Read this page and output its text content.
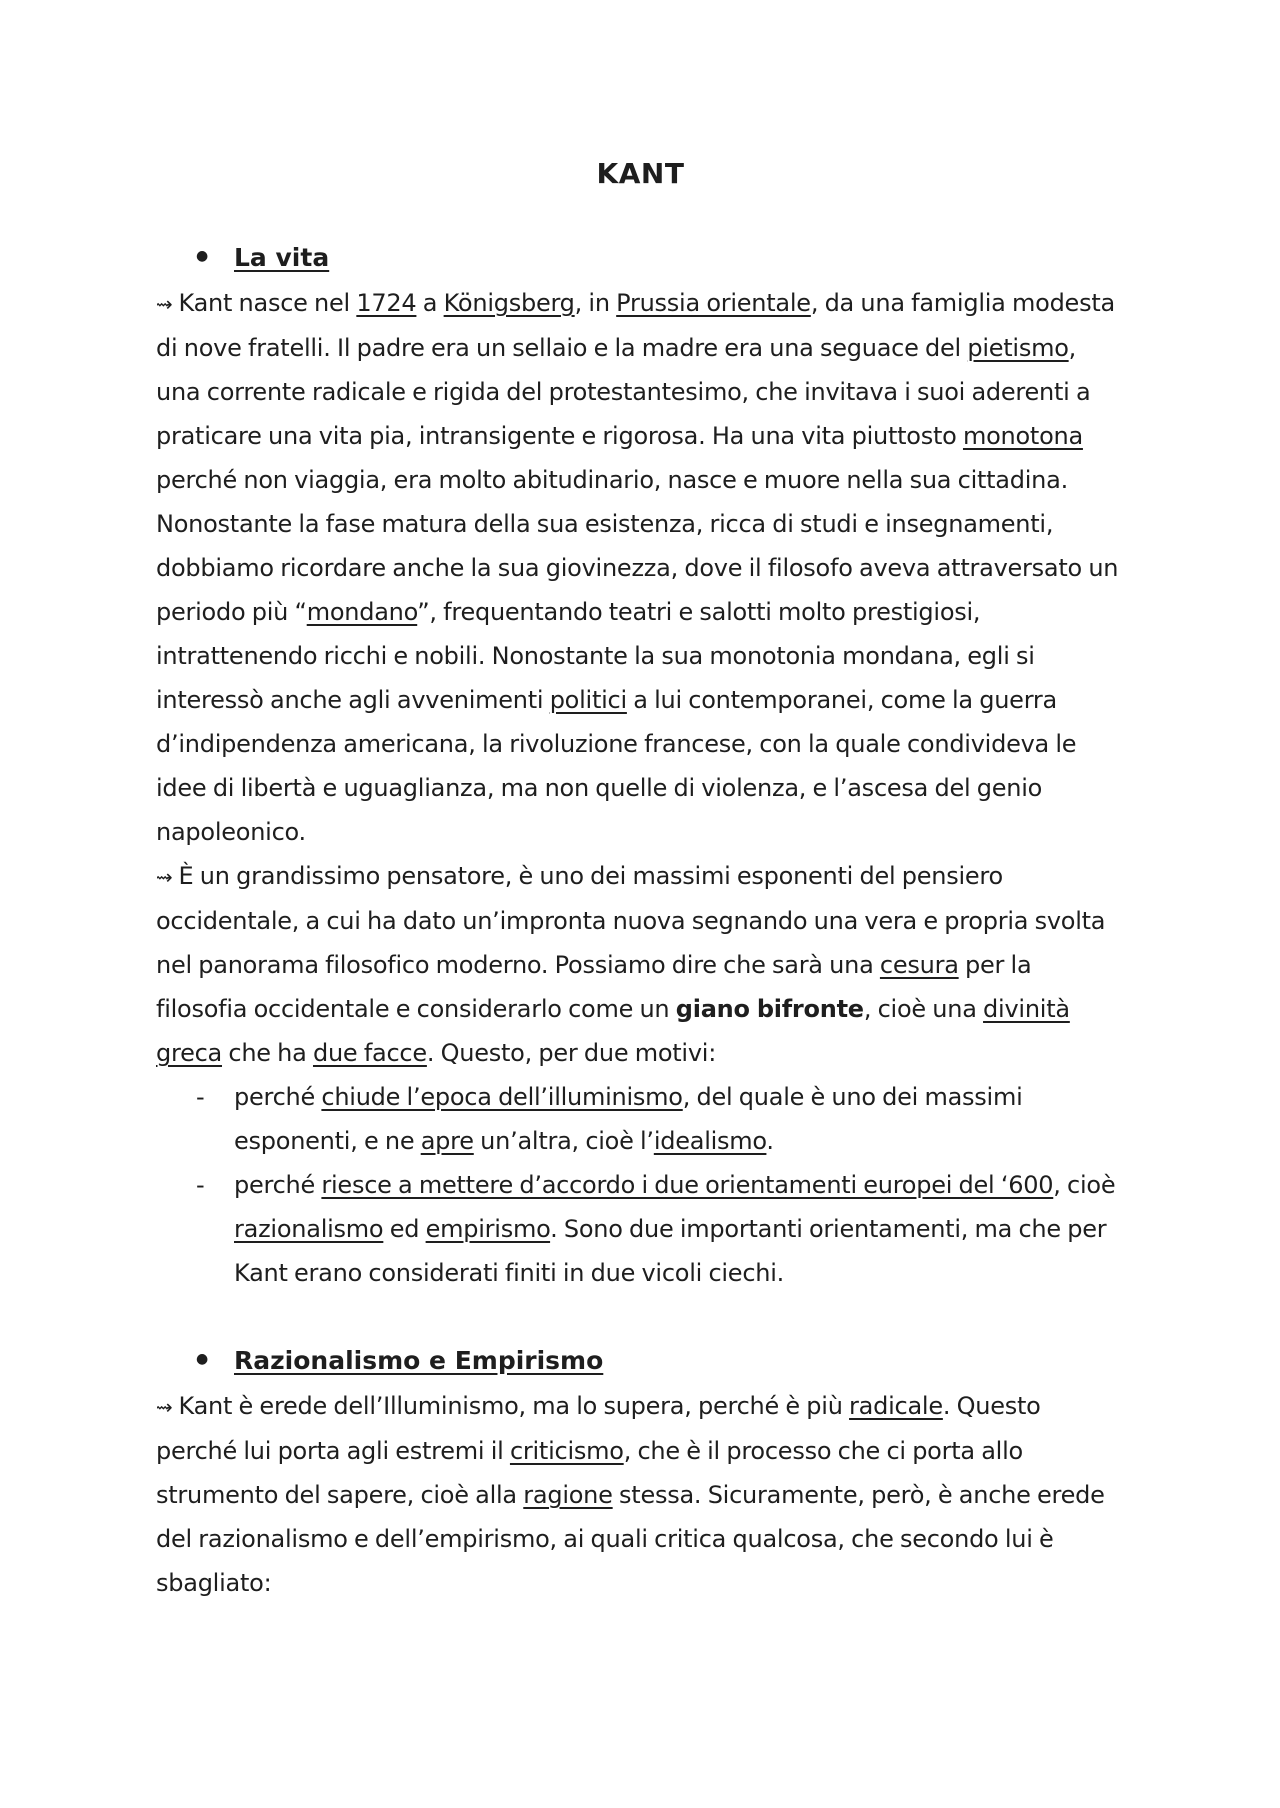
KANT
● La vita

⇝ Kant nasce nel 1724 a Königsberg, in Prussia orientale, da una famiglia modesta di nove fratelli. Il padre era un sellaio e la madre era una seguace del pietismo, una corrente radicale e rigida del protestantesimo, che invitava i suoi aderenti a praticare una vita pia, intransigente e rigorosa. Ha una vita piuttosto monotona perché non viaggia, era molto abitudinario, nasce e muore nella sua cittadina. Nonostante la fase matura della sua esistenza, ricca di studi e insegnamenti, dobbiamo ricordare anche la sua giovinezza, dove il filosofo aveva attraversato un periodo più “mondano”, frequentando teatri e salotti molto prestigiosi, intrattenendo ricchi e nobili. Nonostante la sua monotonia mondana, egli si interessò anche agli avvenimenti politici a lui contemporanei, come la guerra d’indipendenza americana, la rivoluzione francese, con la quale condivideva le idee di libertà e uguaglianza, ma non quelle di violenza, e l’ascesa del genio napoleonico.

⇝ È un grandissimo pensatore, è uno dei massimi esponenti del pensiero occidentale, a cui ha dato un’impronta nuova segnando una vera e propria svolta nel panorama filosofico moderno. Possiamo dire che sarà una cesura per la filosofia occidentale e considerarlo come un giano bifronte, cioè una divinità greca che ha due facce. Questo, per due motivi:

- perché chiude l’epoca dell’illuminismo, del quale è uno dei massimi esponenti, e ne apre un’altra, cioè l’idealismo.
- perché riesce a mettere d’accordo i due orientamenti europei del ‘600, cioè razionalismo ed empirismo. Sono due importanti orientamenti, ma che per Kant erano considerati finiti in due vicoli ciechi.
● Razionalismo e Empirismo

⇝ Kant è erede dell’Illuminismo, ma lo supera, perché è più radicale. Questo perché lui porta agli estremi il criticismo, che è il processo che ci porta allo strumento del sapere, cioè alla ragione stessa. Sicuramente, però, è anche erede del razionalismo e dell’empirismo, ai quali critica qualcosa, che secondo lui è sbagliato:
